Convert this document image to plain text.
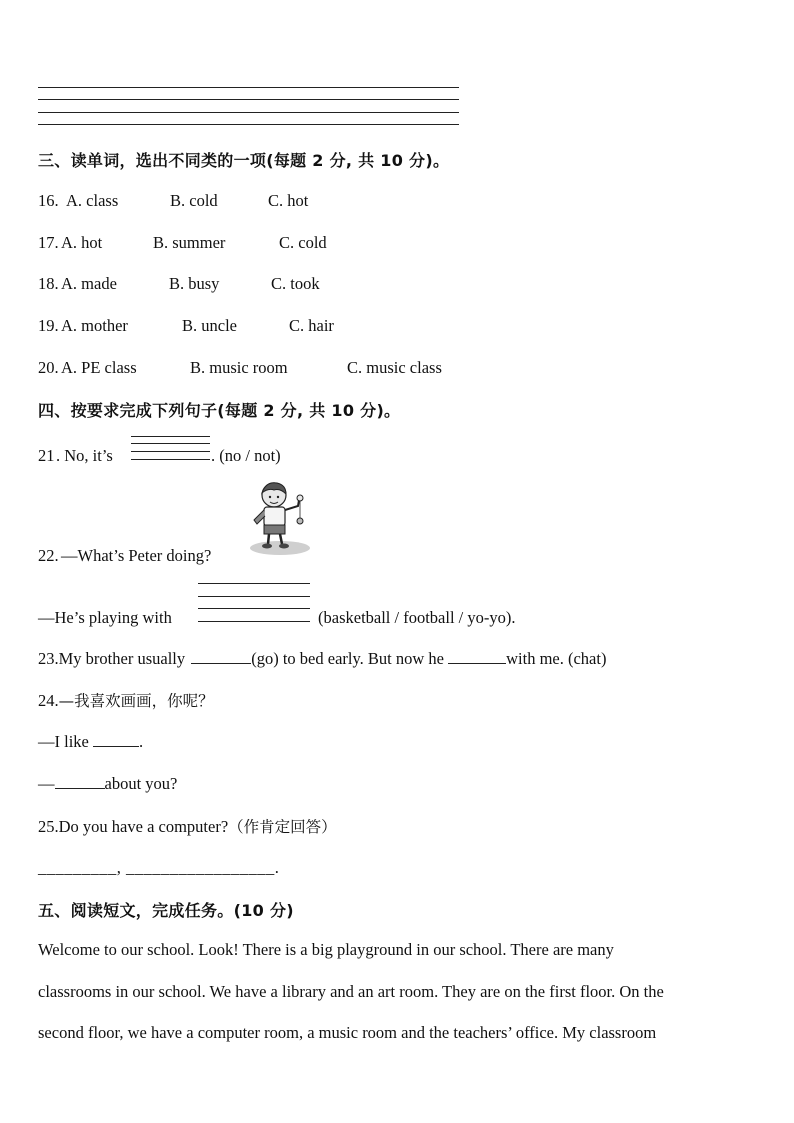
三、读单词，选出不同类的一项(每题 2 分, 共 10 分)。
16. A. class	B. cold	C. hot
17. A. hot	B. summer	C. cold
18. A. made	B. busy	C. took
19. A. mother	B. uncle	C. hair
20. A. PE class	B. music room	C. music class
四、按要求完成下列句子(每题 2 分, 共 10 分)。
21 . No, it’s	. (no / not)
22. —What’s Peter doing?
—He’s playing with	(basketball / football / yo-yo).
23.My brother usually	(go) to bed early. But now he	with me. (chat)
24.—我喜欢画画，你呢？
—I like	.
—	about you?
25.Do you have a computer?（作肯定回答）
_________, _________________.
五、阅读短文，完成任务。(10 分)
Welcome to our school. Look! There is a big playground in our school. There are many
classrooms in our school. We have a library and an art room. They are on the first floor. On the
second floor, we have a computer room, a music room and the teachers’ office. My classroom
